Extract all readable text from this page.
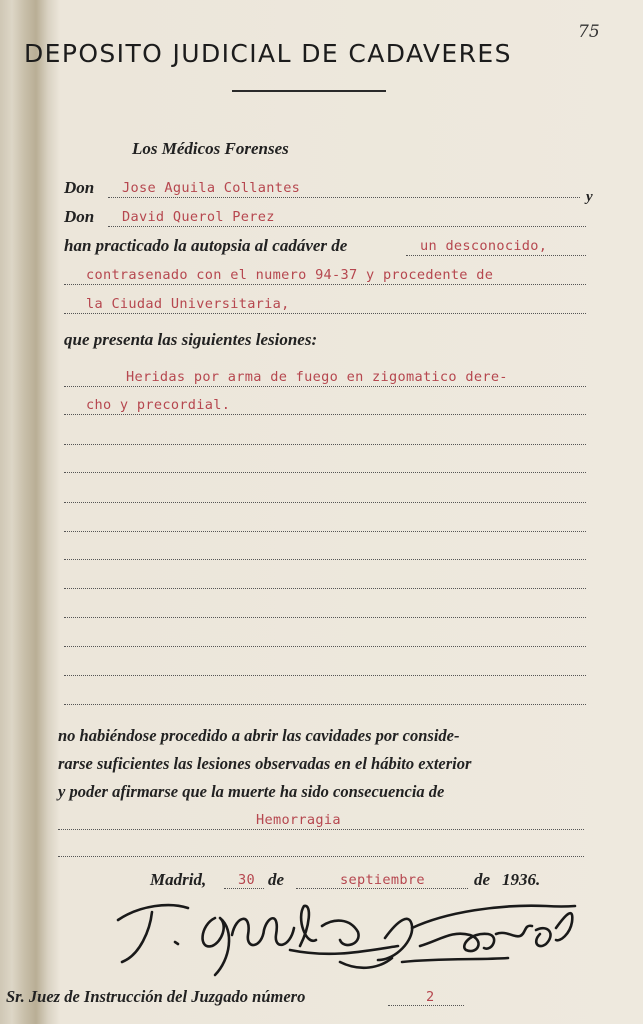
DEPOSITO JUDICIAL DE CADAVERES
75
Los Médicos Forenses
Don Jose Aguila Collantes
y
Don David Querol Perez
han practicado la autopsia al cadáver de	un desconocido,
contrasenado con el numero 94-37 y procedente de
la Ciudad Universitaria,
que presenta las siguientes lesiones:
Heridas por arma de fuego en zigomatico dere-
cho y precordial.
no habiéndose procedido a abrir las cavidades por conside-
rarse suficientes las lesiones observadas en el hábito exterior
y poder afirmarse que la muerte ha sido consecuencia de
Hemorragia
Madrid, 30 de	septiembre	de 1936.
Sr. Juez de Instrucción del Juzgado número	2
